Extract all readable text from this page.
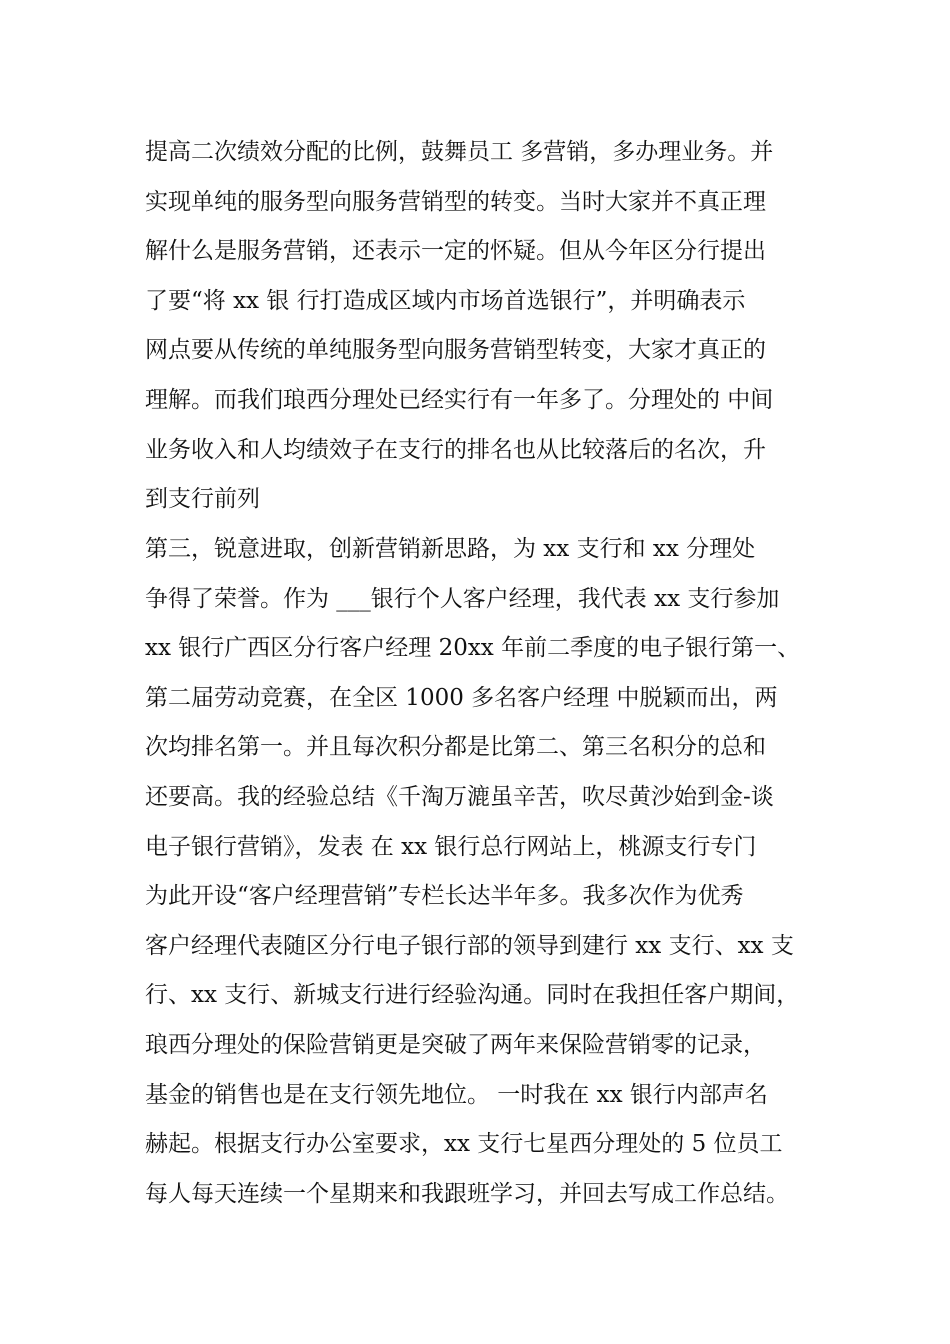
提高二次绩效分配的比例，鼓舞员工 多营销，多办理业务。并
实现单纯的服务型向服务营销型的转变。当时大家并不真正理
解什么是服务营销，还表示一定的怀疑。但从今年区分行提出
了要“将 xx 银 行打造成区域内市场首选银行”，并明确表示
网点要从传统的单纯服务型向服务营销型转变，大家才真正的
理解。而我们琅西分理处已经实行有一年多了。分理处的 中间
业务收入和人均绩效子在支行的排名也从比较落后的名次，升
到支行前列
第三，锐意进取，创新营销新思路，为 xx 支行和 xx 分理处
争得了荣誉。作为 ___银行个人客户经理，我代表 xx 支行参加
xx 银行广西区分行客户经理 20xx 年前二季度的电子银行第一、
第二届劳动竞赛，在全区 1000 多名客户经理 中脱颖而出，两
次均排名第一。并且每次积分都是比第二、第三名积分的总和
还要高。我的经验总结《千淘万漉虽辛苦，吹尽黄沙始到金-谈
电子银行营销》，发表 在 xx 银行总行网站上，桃源支行专门
为此开设“客户经理营销”专栏长达半年多。我多次作为优秀
客户经理代表随区分行电子银行部的领导到建行 xx 支行、xx 支
行、xx 支行、新城支行进行经验沟通。同时在我担任客户期间，
琅西分理处的保险营销更是突破了两年来保险营销零的记录，
基金的销售也是在支行领先地位。 一时我在 xx 银行内部声名
赫起。根据支行办公室要求，xx 支行七星西分理处的 5 位员工
每人每天连续一个星期来和我跟班学习，并回去写成工作总结。
